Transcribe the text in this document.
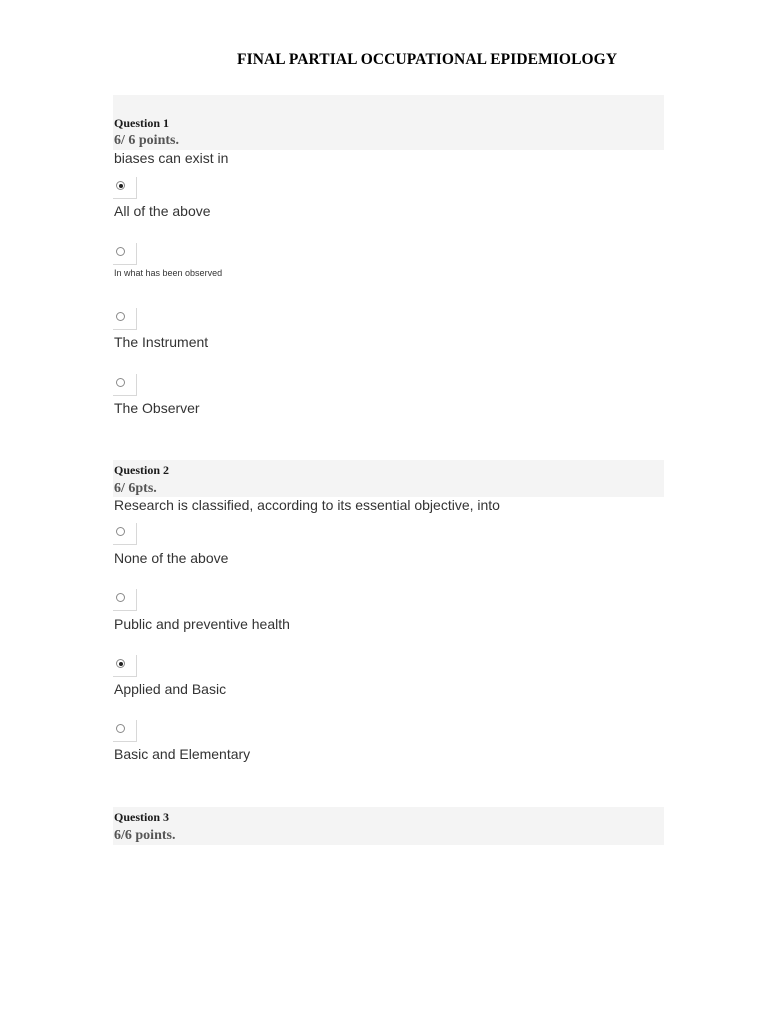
FINAL PARTIAL OCCUPATIONAL EPIDEMIOLOGY
Question 1
6/ 6 points.
biases can exist in
All of the above
In what has been observed
The Instrument
The Observer
Question 2
6/ 6pts.
Research is classified, according to its essential objective, into
None of the above
Public and preventive health
Applied and Basic
Basic and Elementary
Question 3
6/6 points.
